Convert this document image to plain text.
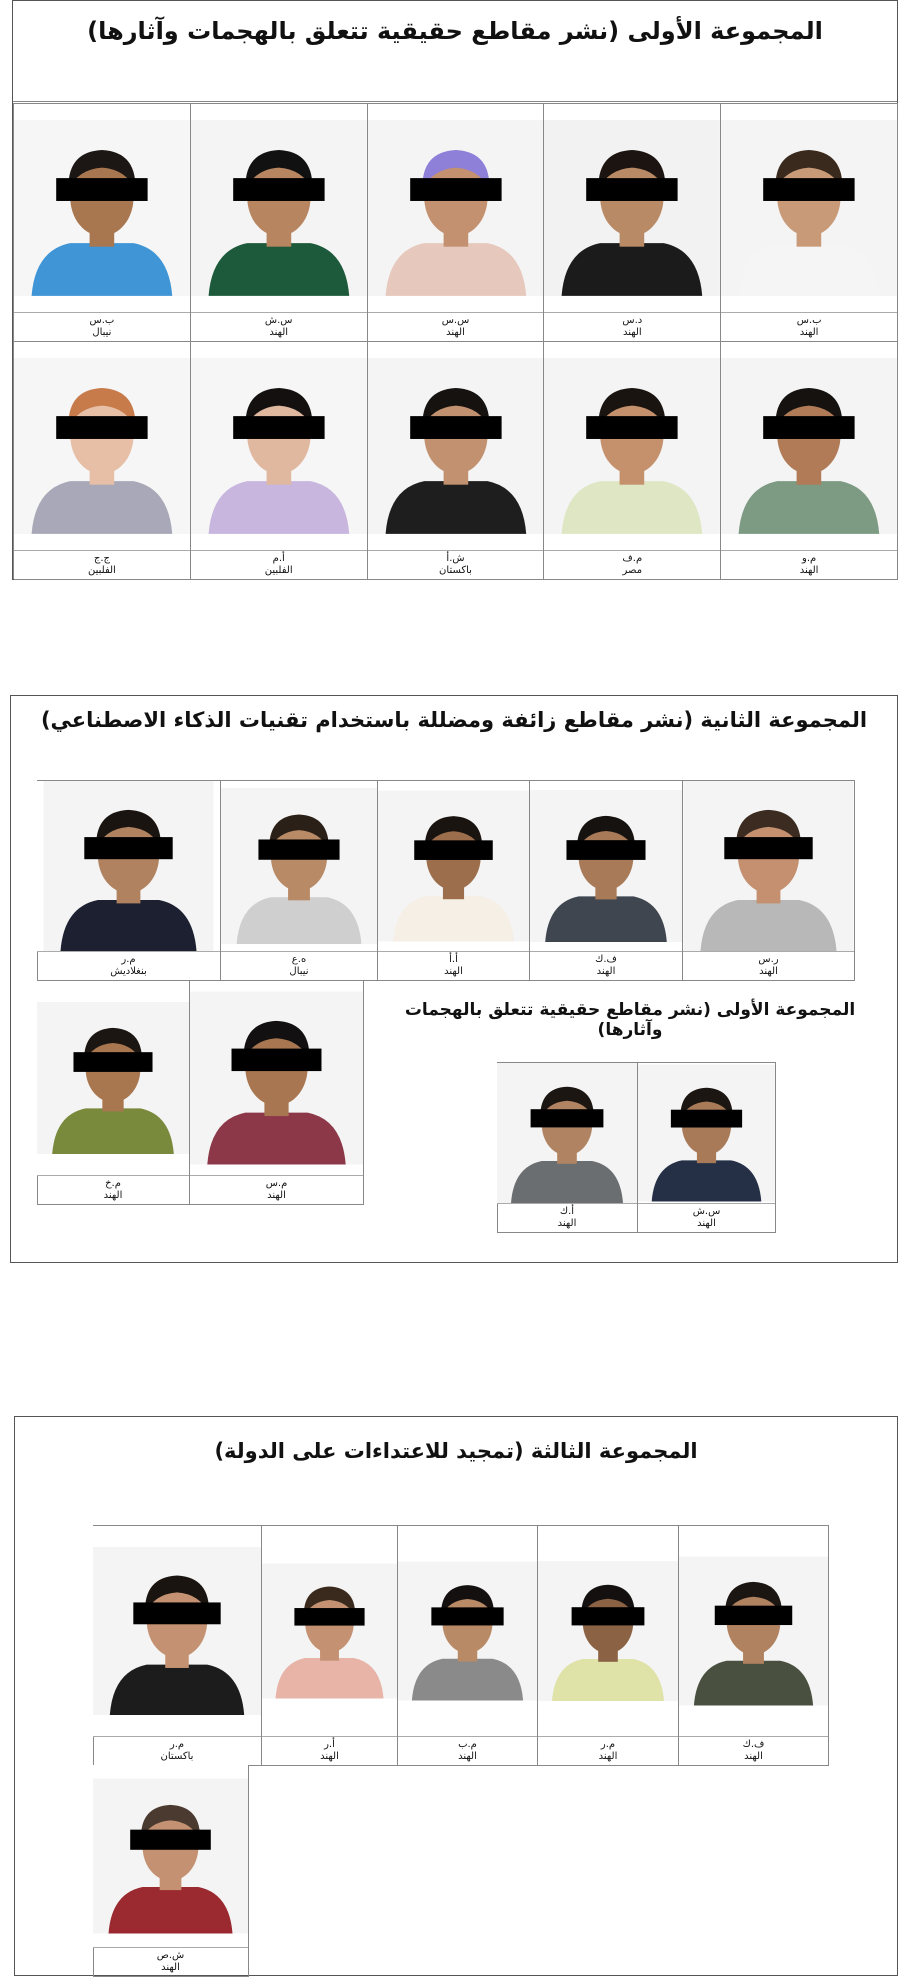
المجموعة الأولى (نشر مقاطع حقيقية تتعلق بالهجمات وآثارها)
ب.س
الهند
د.س
الهند
س.س
الهند
س.ش
الهند
ب.س
نيبال
م.و
الهند
م.ف
مصر
ش.أ
باكستان
أ.م
الفلبين
ج.ج
الفلبين
المجموعة الثانية (نشر مقاطع زائفة ومضللة باستخدام تقنيات الذكاء الاصطناعي)
ر.س
الهند
ف.ك
الهند
أ.أ
الهند
ه.ع
نيبال
م.ر
بنغلاديش
م.س
الهند
م.خ
الهند
المجموعة الأولى (نشر مقاطع حقيقية تتعلق بالهجمات وآثارها)
س.ش
الهند
أ.ك
الهند
المجموعة الثالثة (تمجيد للاعتداءات على الدولة)
ف.ك
الهند
م.ر
الهند
م.ب
الهند
أ.ر
الهند
م.ر
باكستان
ش.ص
الهند
